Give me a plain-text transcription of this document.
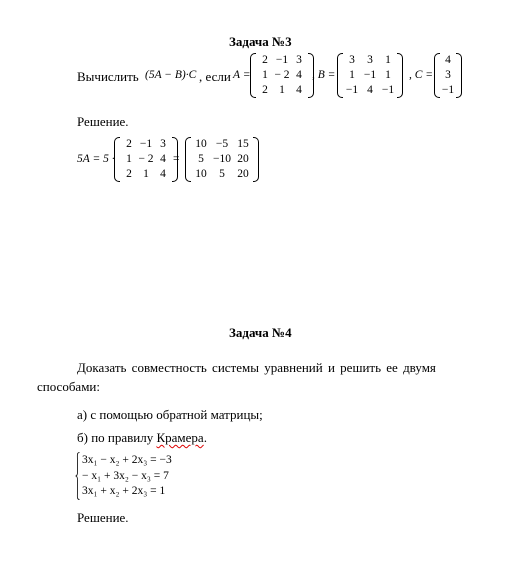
Задача №3
Вычислить (5A − B)·C , если A =
2 −1 3
1 − 2 4
2 1 4
, B =
3	3	1
1 −1 1
−1 4 −1
, C =
4
3
−1
Решение.
5A = 5 ·
2 −1 3
1 − 2 4
2 1 4
=
10 −5 15
5 −10 20
10	5	20
Задача №4
Доказать совместность системы уравнений и решить ее двумя
способами:
а) с помощью обратной матрицы;
б) по правилу Крамера.
3x₁ − x₂ + 2x₃ = −3
− x₁ + 3x₂ − x₃ = 7
3x₁ + x₂ + 2x₃ = 1
Решение.
